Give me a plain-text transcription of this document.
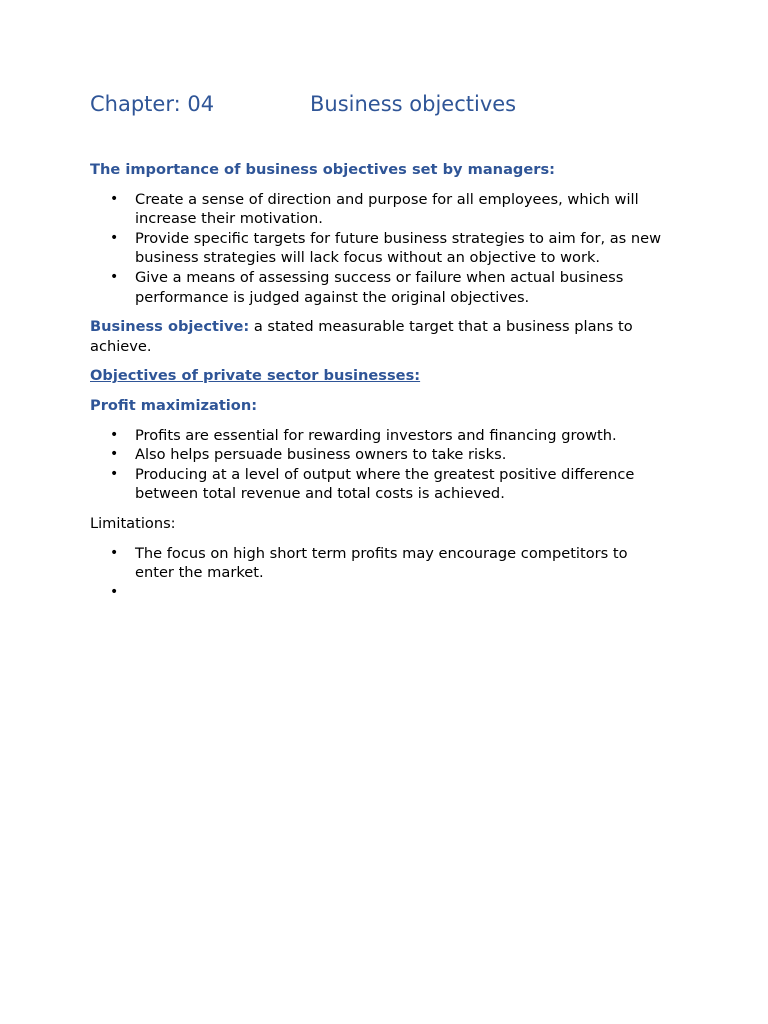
Chapter: 04	Business objectives
The importance of business objectives set by managers:
• Create a sense of direction and purpose for all employees, which will increase their motivation.
• Provide specific targets for future business strategies to aim for, as new business strategies will lack focus without an objective to work.
• Give a means of assessing success or failure when actual business performance is judged against the original objectives.

Business objective: a stated measurable target that a business plans to achieve.

Objectives of private sector businesses:
Profit maximization:
• Profits are essential for rewarding investors and financing growth.
• Also helps persuade business owners to take risks.
• Producing at a level of output where the greatest positive difference between total revenue and total costs is achieved.

Limitations:

• The focus on high short term profits may encourage competitors to enter the market.
•
